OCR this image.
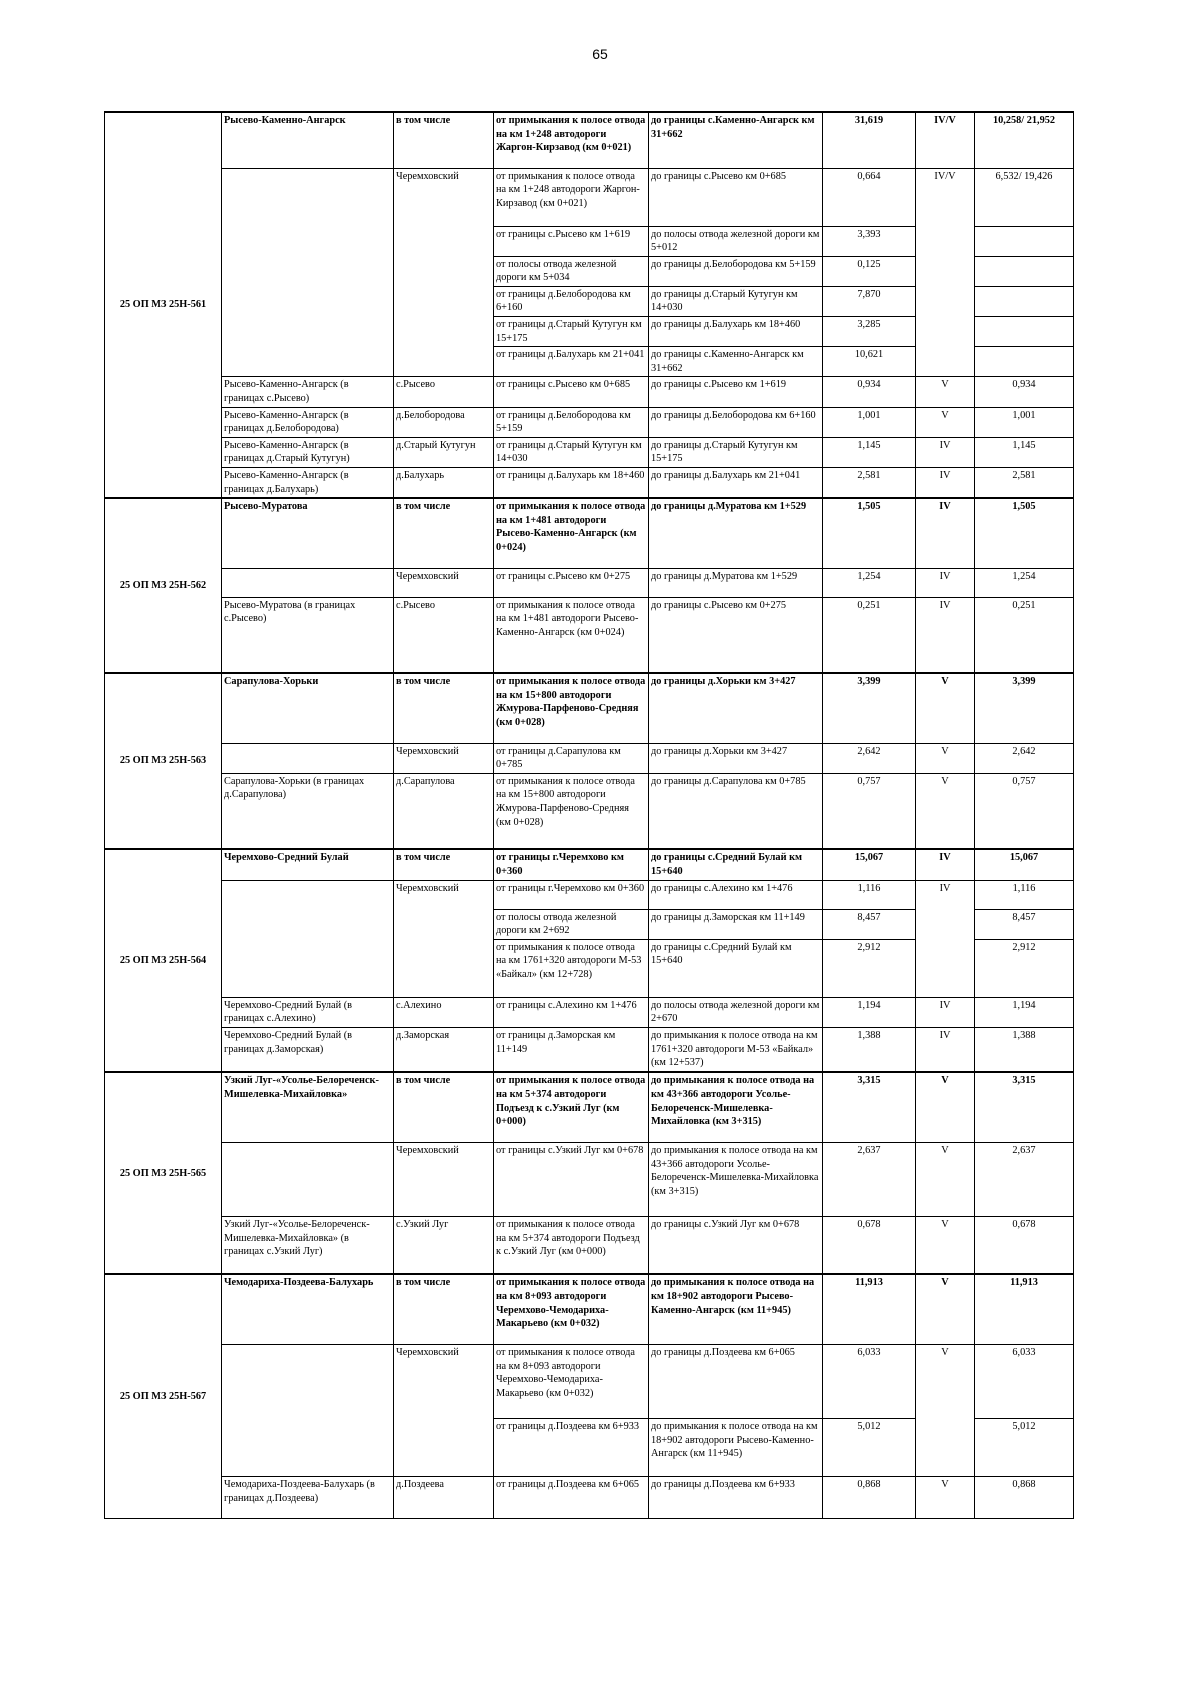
65
25 ОП МЗ 25Н-561	Рысево-Каменно-Ангарск	в том числе	от примыкания к полосе отвода на км 1+248 автодороги Жаргон-Кирзавод (км 0+021)	до границы с.Каменно-Ангарск км 31+662	31,619	IV/V	10,258/ 21,952
		Черемховский	от примыкания к полосе отвода на км 1+248 автодороги Жаргон-Кирзавод (км 0+021)	до границы с.Рысево км 0+685	0,664	IV/V	6,532/ 19,426
			от границы с.Рысево км 1+619	до полосы отвода железной дороги км 5+012	3,393		
			от полосы отвода железной дороги км 5+034	до границы д.Белобородова км 5+159	0,125		
			от границы д.Белобородова км 6+160	до границы д.Старый Кутугун км 14+030	7,870		
			от границы д.Старый Кутугун км 15+175	до границы д.Балухарь км 18+460	3,285		
			от границы д.Балухарь км 21+041	до границы с.Каменно-Ангарск км 31+662	10,621		
	Рысево-Каменно-Ангарск (в границах с.Рысево)	с.Рысево	от границы с.Рысево км 0+685	до границы с.Рысево км 1+619	0,934	V	0,934
	Рысево-Каменно-Ангарск (в границах д.Белобородова)	д.Белобородова	от границы д.Белобородова км 5+159	до границы д.Белобородова км 6+160	1,001	V	1,001
	Рысево-Каменно-Ангарск (в границах д.Старый Кутугун)	д.Старый Кутугун	от границы д.Старый Кутугун км 14+030	до границы д.Старый Кутугун км 15+175	1,145	IV	1,145
	Рысево-Каменно-Ангарск (в границах д.Балухарь)	д.Балухарь	от границы д.Балухарь км 18+460	до границы д.Балухарь км 21+041	2,581	IV	2,581
25 ОП МЗ 25Н-562	Рысево-Муратова	в том числе	от примыкания к полосе отвода на км 1+481 автодороги Рысево-Каменно-Ангарск (км 0+024)	до границы д.Муратова км 1+529	1,505	IV	1,505
		Черемховский	от границы с.Рысево км 0+275	до границы д.Муратова км 1+529	1,254	IV	1,254
	Рысево-Муратова (в границах с.Рысево)	с.Рысево	от примыкания к полосе отвода на км 1+481 автодороги Рысево-Каменно-Ангарск (км 0+024)	до границы с.Рысево км 0+275	0,251	IV	0,251
25 ОП МЗ 25Н-563	Сарапулова-Хорьки	в том числе	от примыкания к полосе отвода на км 15+800 автодороги Жмурова-Парфеново-Средняя (км 0+028)	до границы д.Хорьки км 3+427	3,399	V	3,399
		Черемховский	от границы д.Сарапулова км 0+785	до границы д.Хорьки км 3+427	2,642	V	2,642
	Сарапулова-Хорьки (в границах д.Сарапулова)	д.Сарапулова	от примыкания к полосе отвода на км 15+800 автодороги Жмурова-Парфеново-Средняя (км 0+028)	до границы д.Сарапулова км 0+785	0,757	V	0,757
25 ОП МЗ 25Н-564	Черемхово-Средний Булай	в том числе	от границы г.Черемхово км 0+360	до границы с.Средний Булай км 15+640	15,067	IV	15,067
		Черемховский	от границы г.Черемхово км 0+360	до границы с.Алехино км 1+476	1,116	IV	1,116
			от полосы отвода железной дороги км 2+692	до границы д.Заморская км 11+149	8,457		8,457
			от примыкания к полосе отвода на км 1761+320 автодороги М-53 «Байкал» (км 12+728)	до границы с.Средний Булай км 15+640	2,912		2,912
	Черемхово-Средний Булай (в границах с.Алехино)	с.Алехино	от границы с.Алехино км 1+476	до полосы отвода железной дороги км 2+670	1,194	IV	1,194
	Черемхово-Средний Булай (в границах д.Заморская)	д.Заморская	от границы д.Заморская км 11+149	до примыкания к полосе отвода на км 1761+320 автодороги М-53 «Байкал» (км 12+537)	1,388	IV	1,388
25 ОП МЗ 25Н-565	Узкий Луг-«Усолье-Белореченск-Мишелевка-Михайловка»	в том числе	от примыкания к полосе отвода на км 5+374 автодороги Подъезд к с.Узкий Луг (км 0+000)	до примыкания к полосе отвода на км 43+366 автодороги Усолье-Белореченск-Мишелевка-Михайловка (км 3+315)	3,315	V	3,315
		Черемховский	от границы с.Узкий Луг км 0+678	до примыкания к полосе отвода на км 43+366 автодороги Усолье-Белореченск-Мишелевка-Михайловка (км 3+315)	2,637	V	2,637
	Узкий Луг-«Усолье-Белореченск-Мишелевка-Михайловка» (в границах с.Узкий Луг)	с.Узкий Луг	от примыкания к полосе отвода на км 5+374 автодороги Подъезд к с.Узкий Луг (км 0+000)	до границы с.Узкий Луг км 0+678	0,678	V	0,678
25 ОП МЗ 25Н-567	Чемодариха-Поздеева-Балухарь	в том числе	от примыкания к полосе отвода на км 8+093 автодороги Черемхово-Чемодариха-Макарьево (км 0+032)	до примыкания к полосе отвода на км 18+902 автодороги Рысево-Каменно-Ангарск (км 11+945)	11,913	V	11,913
		Черемховский	от примыкания к полосе отвода на км 8+093 автодороги Черемхово-Чемодариха-Макарьево (км 0+032)	до границы д.Поздеева км 6+065	6,033	V	6,033
			от границы д.Поздеева км 6+933	до примыкания к полосе отвода на км 18+902 автодороги Рысево-Каменно-Ангарск (км 11+945)	5,012		5,012
	Чемодариха-Поздеева-Балухарь (в границах д.Поздеева)	д.Поздеева	от границы д.Поздеева км 6+065	до границы д.Поздеева км 6+933	0,868	V	0,868
